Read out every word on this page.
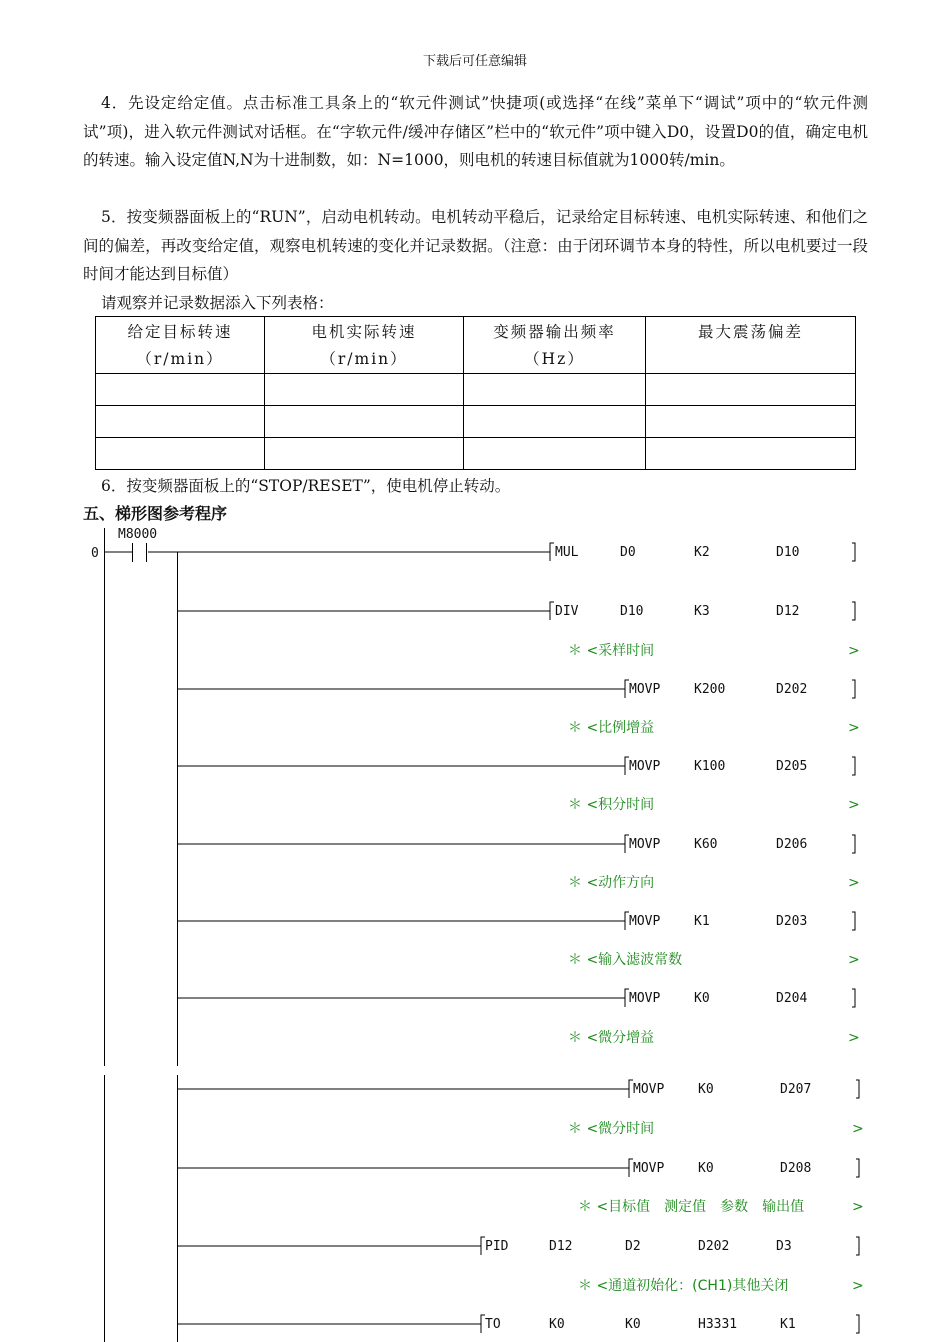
下载后可任意编辑

4．先设定给定值。点击标准工具条上的“软元件测试”快捷项(或选择“在线”菜单下“调试”项中的“软元件测试”项)，进入软元件测试对话框。在“字软元件/缓冲存储区”栏中的“软元件”项中键入D0，设置D0的值，确定电机的转速。输入设定值N,N为十进制数，如：N=1000，则电机的转速目标值就为1000转/min。

5．按变频器面板上的“RUN”，启动电机转动。电机转动平稳后，记录给定目标转速、电机实际转速、和他们之间的偏差，再改变给定值，观察电机转速的变化并记录数据。（注意：由于闭环调节本身的特性，所以电机要过一段时间才能达到目标值）

请观察并记录数据添入下列表格：

给定目标转速（r/min）	电机实际转速（r/min）	变频器输出频率（Hz）	最大震荡偏差

6．按变频器面板上的“STOP/RESET”，使电机停止转动。

五、梯形图参考程序
0
M8000
MUL	D0	K2	D10
DIV	D10	K3	D12
＊ <采样时间	>
MOVP	K200	D202
＊ <比例增益	>
MOVP	K100	D205
＊ <积分时间	>
MOVP	K60	D206
＊ <动作方向	>
MOVP	K1	D203
＊ <输入滤波常数	>
MOVP	K0	D204
＊ <微分增益	>
MOVP	K0	D207
＊ <微分时间	>
MOVP	K0	D208
＊ <目标值　测定值　参数　输出值	>
PID	D12	D2	D202	D3
＊ <通道初始化：(CH1)其他关闭	>
TO	K0	K0	H3331	K1
